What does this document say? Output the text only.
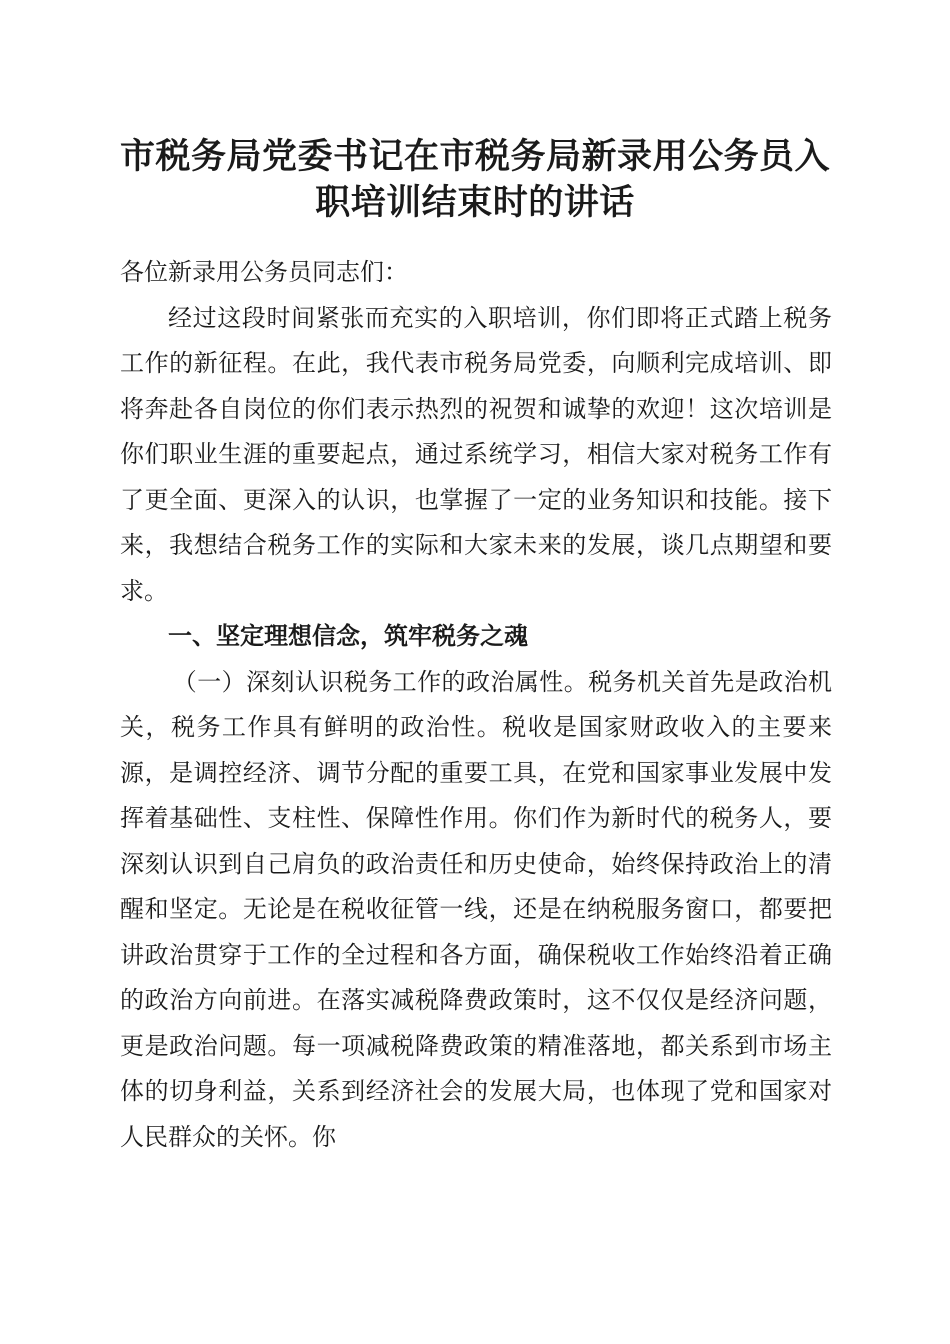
市税务局党委书记在市税务局新录用公务员入
职培训结束时的讲话

各位新录用公务员同志们：

经过这段时间紧张而充实的入职培训，你们即将正式踏上税务工作的新征程。在此，我代表市税务局党委，向顺利完成培训、即将奔赴各自岗位的你们表示热烈的祝贺和诚挚的欢迎！这次培训是你们职业生涯的重要起点，通过系统学习，相信大家对税务工作有了更全面、更深入的认识，也掌握了一定的业务知识和技能。接下来，我想结合税务工作的实际和大家未来的发展，谈几点期望和要求。

一、坚定理想信念，筑牢税务之魂

（一）深刻认识税务工作的政治属性。税务机关首先是政治机关，税务工作具有鲜明的政治性。税收是国家财政收入的主要来源，是调控经济、调节分配的重要工具，在党和国家事业发展中发挥着基础性、支柱性、保障性作用。你们作为新时代的税务人，要深刻认识到自己肩负的政治责任和历史使命，始终保持政治上的清醒和坚定。无论是在税收征管一线，还是在纳税服务窗口，都要把讲政治贯穿于工作的全过程和各方面，确保税收工作始终沿着正确的政治方向前进。在落实减税降费政策时，这不仅仅是经济问题，更是政治问题。每一项减税降费政策的精准落地，都关系到市场主体的切身利益，关系到经济社会的发展大局，也体现了党和国家对人民群众的关怀。你
